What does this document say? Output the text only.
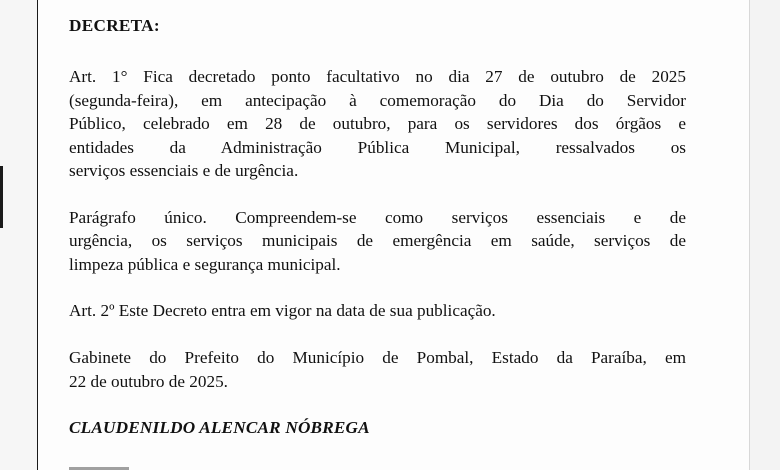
DECRETA:

Art. 1° Fica decretado ponto facultativo no dia 27 de outubro de 2025
(segunda-feira), em antecipação à comemoração do Dia do Servidor
Público, celebrado em 28 de outubro, para os servidores dos órgãos e
entidades da Administração Pública Municipal, ressalvados os
serviços essenciais e de urgência.

Parágrafo único. Compreendem-se como serviços essenciais e de
urgência, os serviços municipais de emergência em saúde, serviços de
limpeza pública e segurança municipal.

Art. 2º Este Decreto entra em vigor na data de sua publicação.

Gabinete do Prefeito do Município de Pombal, Estado da Paraíba, em
22 de outubro de 2025.

CLAUDENILDO ALENCAR NÓBREGA
